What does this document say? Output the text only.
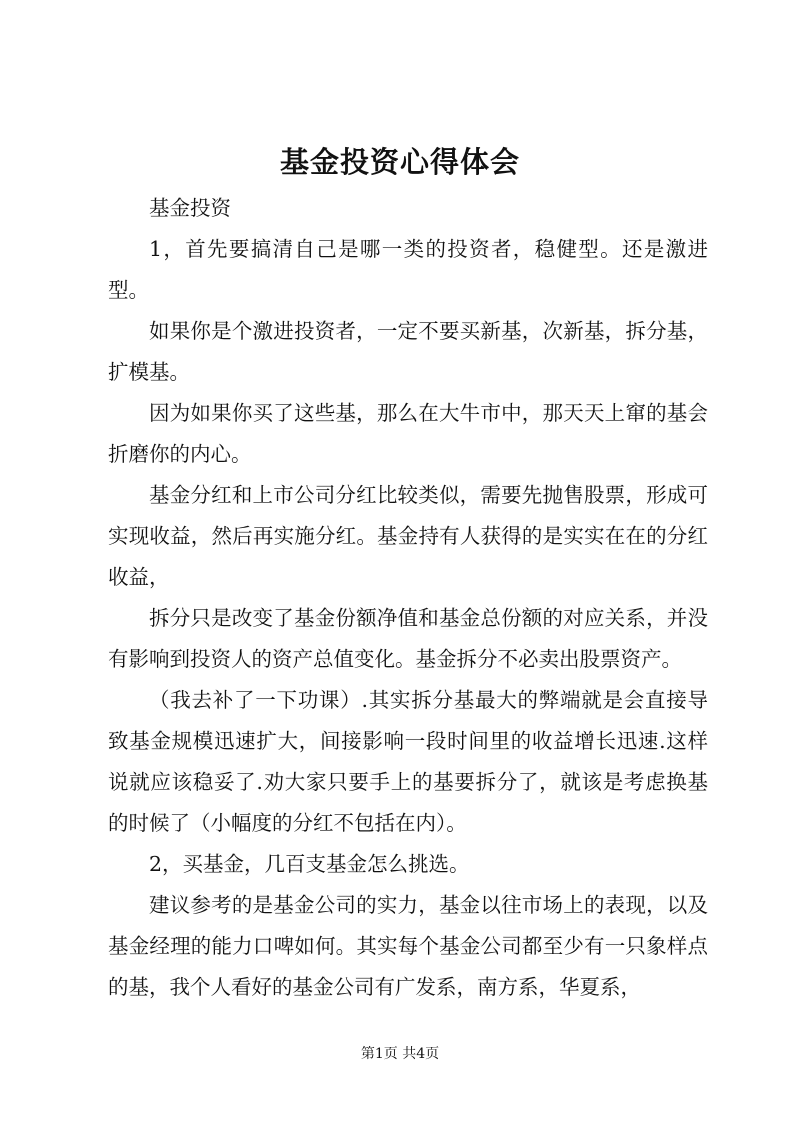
基金投资心得体会

基金投资

1，首先要搞清自己是哪一类的投资者，稳健型。还是激进型。

如果你是个激进投资者，一定不要买新基，次新基，拆分基，扩模基。

因为如果你买了这些基，那么在大牛市中，那天天上窜的基会折磨你的内心。

基金分红和上市公司分红比较类似，需要先抛售股票，形成可实现收益，然后再实施分红。基金持有人获得的是实实在在的分红收益，

拆分只是改变了基金份额净值和基金总份额的对应关系，并没有影响到投资人的资产总值变化。基金拆分不必卖出股票资产。

（我去补了一下功课）.其实拆分基最大的弊端就是会直接导致基金规模迅速扩大，间接影响一段时间里的收益增长迅速.这样说就应该稳妥了.劝大家只要手上的基要拆分了，就该是考虑换基的时候了（小幅度的分红不包括在内）。

2，买基金，几百支基金怎么挑选。

建议参考的是基金公司的实力，基金以往市场上的表现，以及基金经理的能力口啤如何。其实每个基金公司都至少有一只象样点的基，我个人看好的基金公司有广发系，南方系，华夏系，

第1页 共4页
